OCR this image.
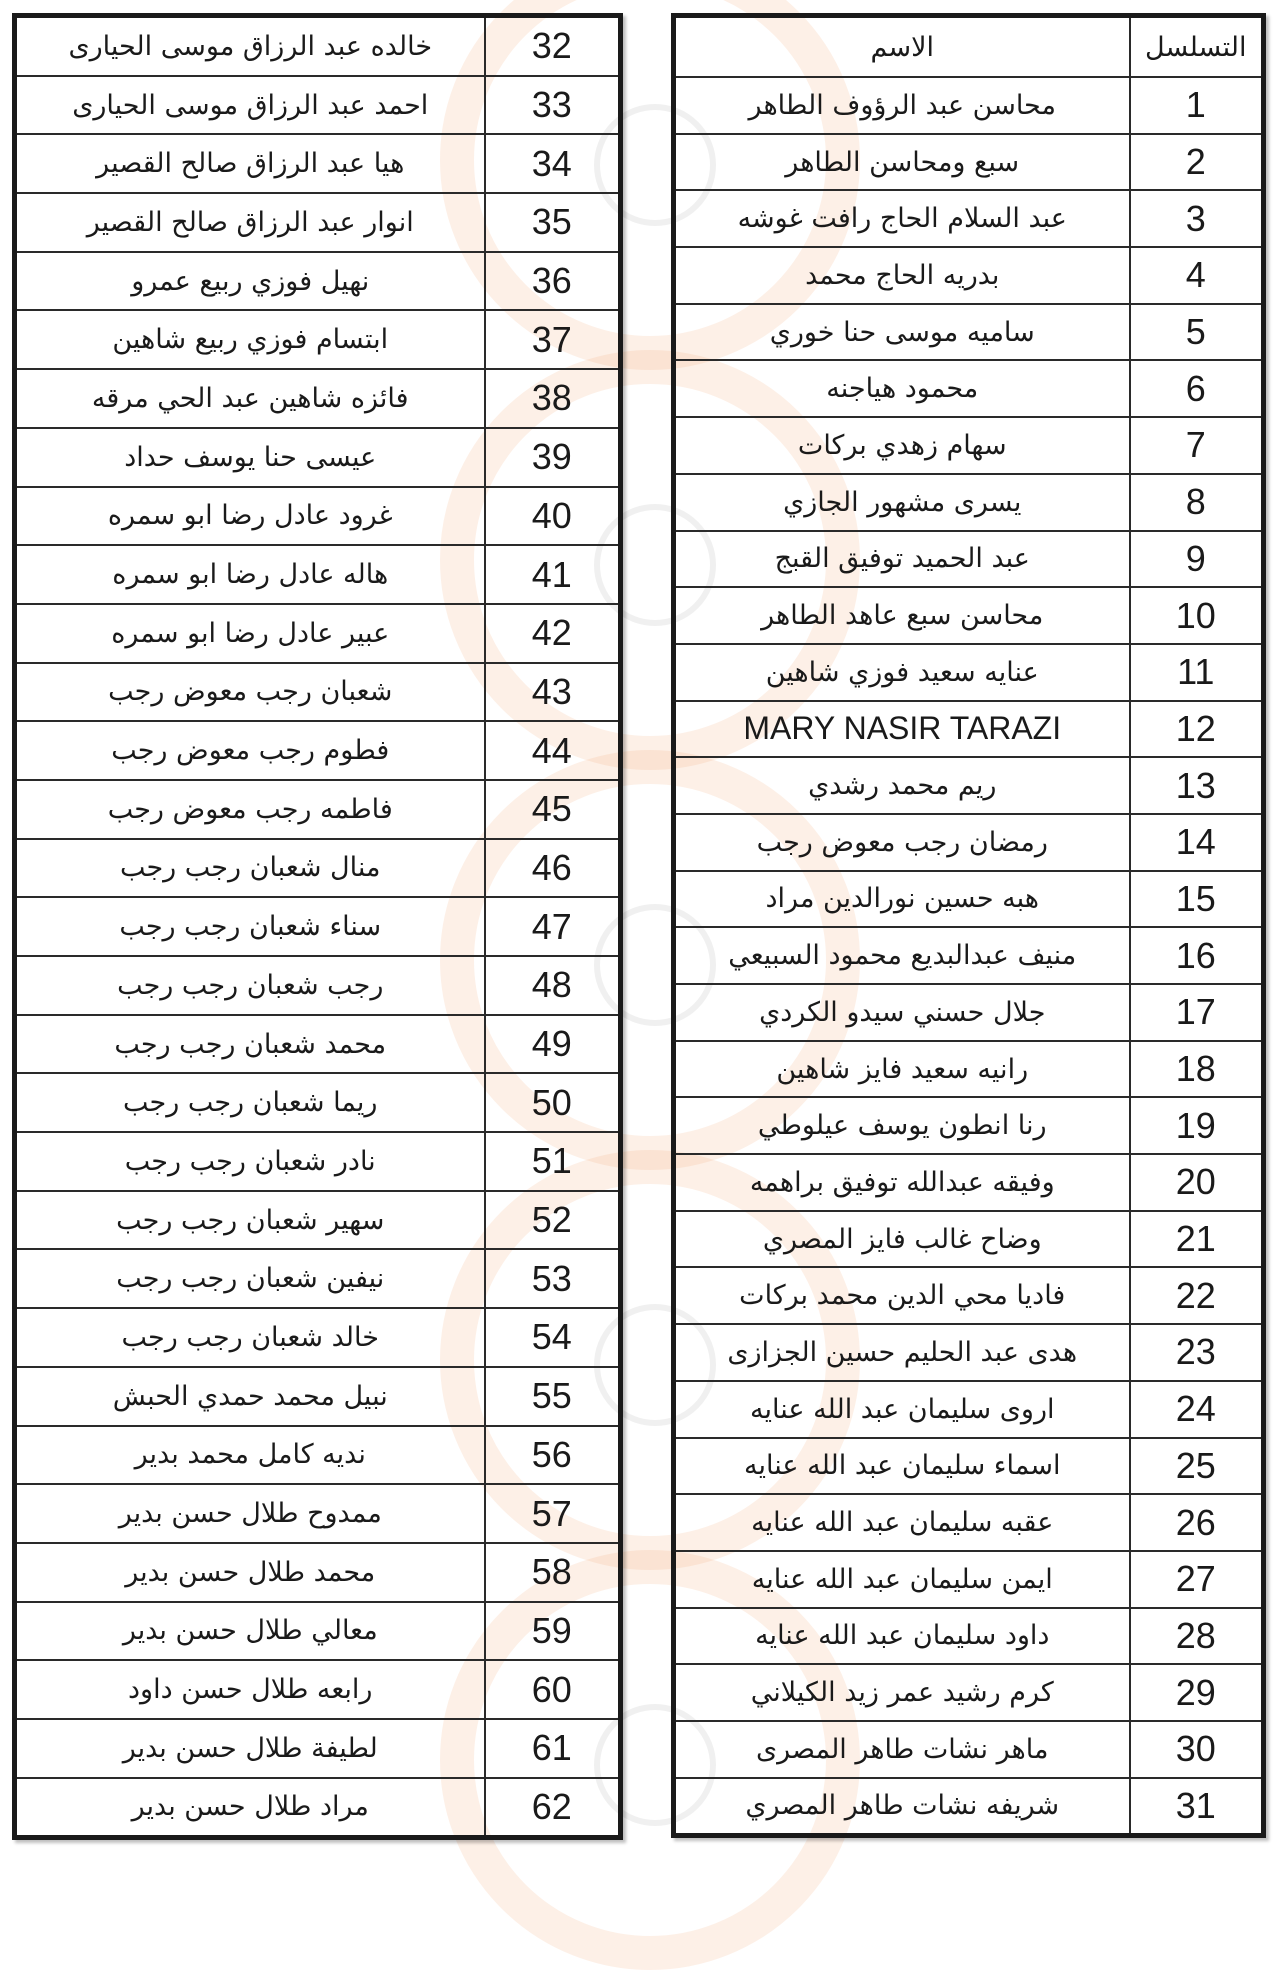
خالده عبد الرزاق موسى الحيارى	32
احمد عبد الرزاق موسى الحيارى	33
هيا عبد الرزاق صالح القصير	34
انوار عبد الرزاق صالح القصير	35
نهيل فوزي ربيع عمرو	36
ابتسام فوزي ربيع شاهين	37
فائزه شاهين عبد الحي مرقه	38
عيسى حنا يوسف حداد	39
غرود عادل رضا ابو سمره	40
هاله عادل رضا ابو سمره	41
عبير عادل رضا ابو سمره	42
شعبان رجب معوض رجب	43
فطوم رجب معوض رجب	44
فاطمه رجب معوض رجب	45
منال شعبان رجب رجب	46
سناء شعبان رجب رجب	47
رجب شعبان رجب رجب	48
محمد شعبان رجب رجب	49
ريما شعبان رجب رجب	50
نادر شعبان رجب رجب	51
سهير شعبان رجب رجب	52
نيفين شعبان رجب رجب	53
خالد شعبان رجب رجب	54
نبيل محمد حمدي الحبش	55
نديه كامل محمد بدير	56
ممدوح طلال حسن بدير	57
محمد طلال حسن بدير	58
معالي طلال حسن بدير	59
رابعه طلال حسن داود	60
لطيفة طلال حسن بدير	61
مراد طلال حسن بدير	62
التسلسل	الاسم
1	محاسن عبد الرؤوف الطاهر
2	سبع ومحاسن الطاهر
3	عبد السلام الحاج رافت غوشه
4	بدريه الحاج محمد
5	ساميه موسى حنا خوري
6	محمود هياجنه
7	سهام زهدي بركات
8	يسرى مشهور الجازي
9	عبد الحميد توفيق القبج
10	محاسن سبع عاهد الطاهر
11	عنايه سعيد فوزي شاهين
12	MARY NASIR TARAZI
13	ريم محمد رشدي
14	رمضان رجب معوض رجب
15	هبه حسين نورالدين مراد
16	منيف عبدالبديع محمود السبيعي
17	جلال حسني سيدو الكردي
18	رانيه سعيد فايز شاهين
19	رنا انطون يوسف عيلوطي
20	وفيقه عبدالله توفيق براهمه
21	وضاح غالب فايز المصري
22	فاديا محي الدين محمد بركات
23	هدى عبد الحليم حسين الجزازى
24	اروى سليمان عبد الله عنايه
25	اسماء سليمان عبد الله عنايه
26	عقبه سليمان عبد الله عنايه
27	ايمن سليمان عبد الله عنايه
28	داود سليمان عبد الله عنايه
29	كرم رشيد عمر زيد الكيلاني
30	ماهر نشات طاهر المصرى
31	شريفه نشات طاهر المصري
